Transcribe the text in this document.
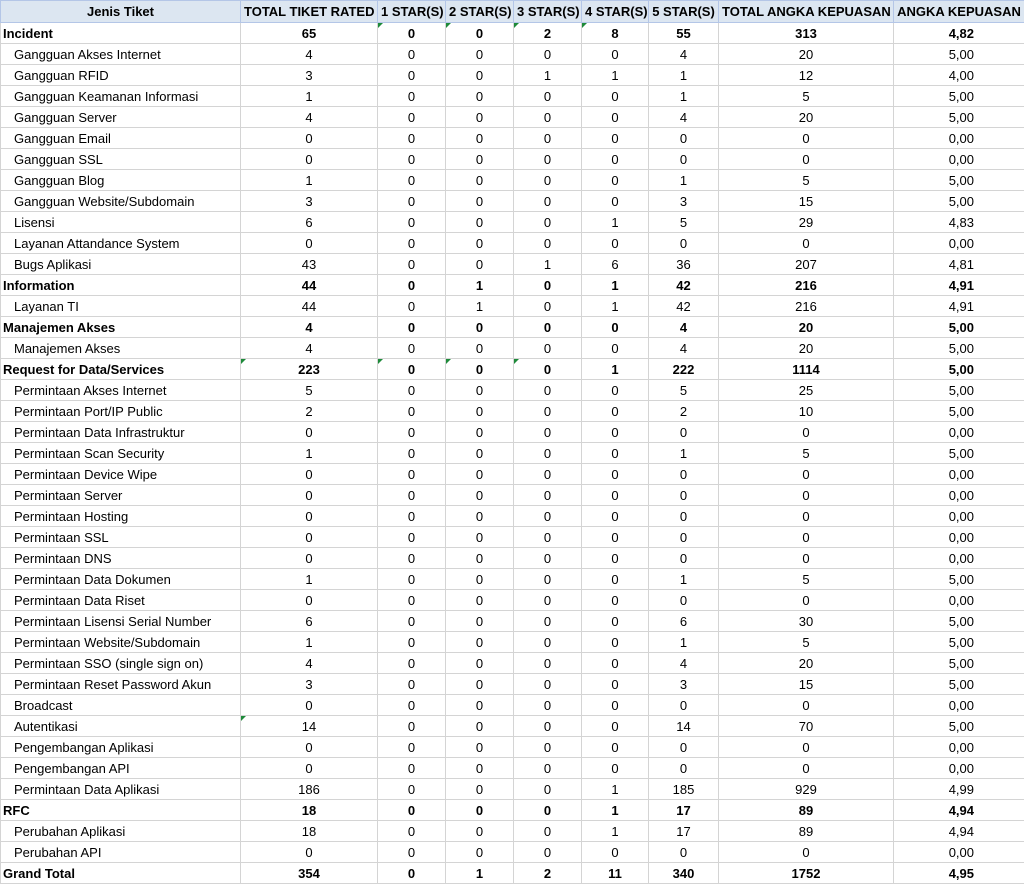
Jenis Tiket	TOTAL TIKET RATED	1 STAR(S)	2 STAR(S)	3 STAR(S)	4 STAR(S)	5 STAR(S)	TOTAL ANGKA KEPUASAN	ANGKA KEPUASAN
Incident	65	0	0	2	8	55	313	4,82
Gangguan Akses Internet	4	0	0	0	0	4	20	5,00
Gangguan RFID	3	0	0	1	1	1	12	4,00
Gangguan Keamanan Informasi	1	0	0	0	0	1	5	5,00
Gangguan Server	4	0	0	0	0	4	20	5,00
Gangguan Email	0	0	0	0	0	0	0	0,00
Gangguan SSL	0	0	0	0	0	0	0	0,00
Gangguan Blog	1	0	0	0	0	1	5	5,00
Gangguan Website/Subdomain	3	0	0	0	0	3	15	5,00
Lisensi	6	0	0	0	1	5	29	4,83
Layanan Attandance System	0	0	0	0	0	0	0	0,00
Bugs Aplikasi	43	0	0	1	6	36	207	4,81
Information	44	0	1	0	1	42	216	4,91
Layanan TI	44	0	1	0	1	42	216	4,91
Manajemen Akses	4	0	0	0	0	4	20	5,00
Manajemen Akses	4	0	0	0	0	4	20	5,00
Request for Data/Services	223	0	0	0	1	222	1114	5,00
Permintaan Akses Internet	5	0	0	0	0	5	25	5,00
Permintaan Port/IP Public	2	0	0	0	0	2	10	5,00
Permintaan Data Infrastruktur	0	0	0	0	0	0	0	0,00
Permintaan Scan Security	1	0	0	0	0	1	5	5,00
Permintaan Device Wipe	0	0	0	0	0	0	0	0,00
Permintaan Server	0	0	0	0	0	0	0	0,00
Permintaan Hosting	0	0	0	0	0	0	0	0,00
Permintaan SSL	0	0	0	0	0	0	0	0,00
Permintaan DNS	0	0	0	0	0	0	0	0,00
Permintaan Data Dokumen	1	0	0	0	0	1	5	5,00
Permintaan Data Riset	0	0	0	0	0	0	0	0,00
Permintaan Lisensi Serial Number	6	0	0	0	0	6	30	5,00
Permintaan Website/Subdomain	1	0	0	0	0	1	5	5,00
Permintaan SSO (single sign on)	4	0	0	0	0	4	20	5,00
Permintaan Reset Password Akun	3	0	0	0	0	3	15	5,00
Broadcast	0	0	0	0	0	0	0	0,00
Autentikasi	14	0	0	0	0	14	70	5,00
Pengembangan Aplikasi	0	0	0	0	0	0	0	0,00
Pengembangan API	0	0	0	0	0	0	0	0,00
Permintaan Data Aplikasi	186	0	0	0	1	185	929	4,99
RFC	18	0	0	0	1	17	89	4,94
Perubahan Aplikasi	18	0	0	0	1	17	89	4,94
Perubahan API	0	0	0	0	0	0	0	0,00
Grand Total	354	0	1	2	11	340	1752	4,95
